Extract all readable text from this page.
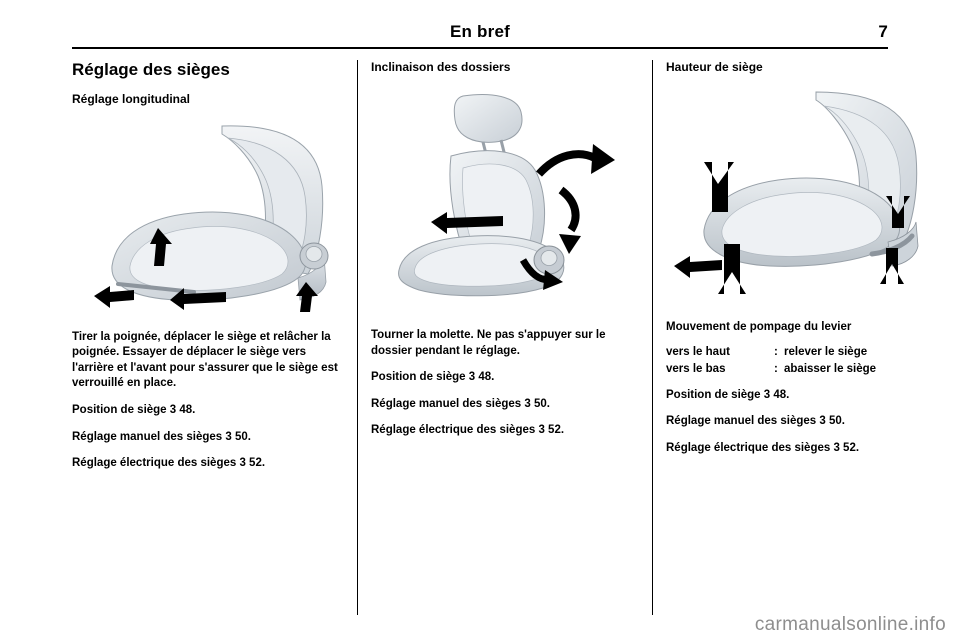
En bref	7
Réglage des sièges
Réglage longitudinal

Tirer la poignée, déplacer le siège et relâcher la poignée. Essayer de déplacer le siège vers l'arrière et l'avant pour s'assurer que le siège est verrouillé en place.

Position de siège 3 48.

Réglage manuel des sièges 3 50.

Réglage électrique des sièges 3 52.

Inclinaison des dossiers

Tourner la molette. Ne pas s'appuyer sur le dossier pendant le réglage.

Position de siège 3 48.

Réglage manuel des sièges 3 50.

Réglage électrique des sièges 3 52.

Hauteur de siège

Mouvement de pompage du levier

vers le haut	: relever le siège
vers le bas	: abaisser le siège

Position de siège 3 48.

Réglage manuel des sièges 3 50.

Réglage électrique des sièges 3 52.

carmanualsonline.info
